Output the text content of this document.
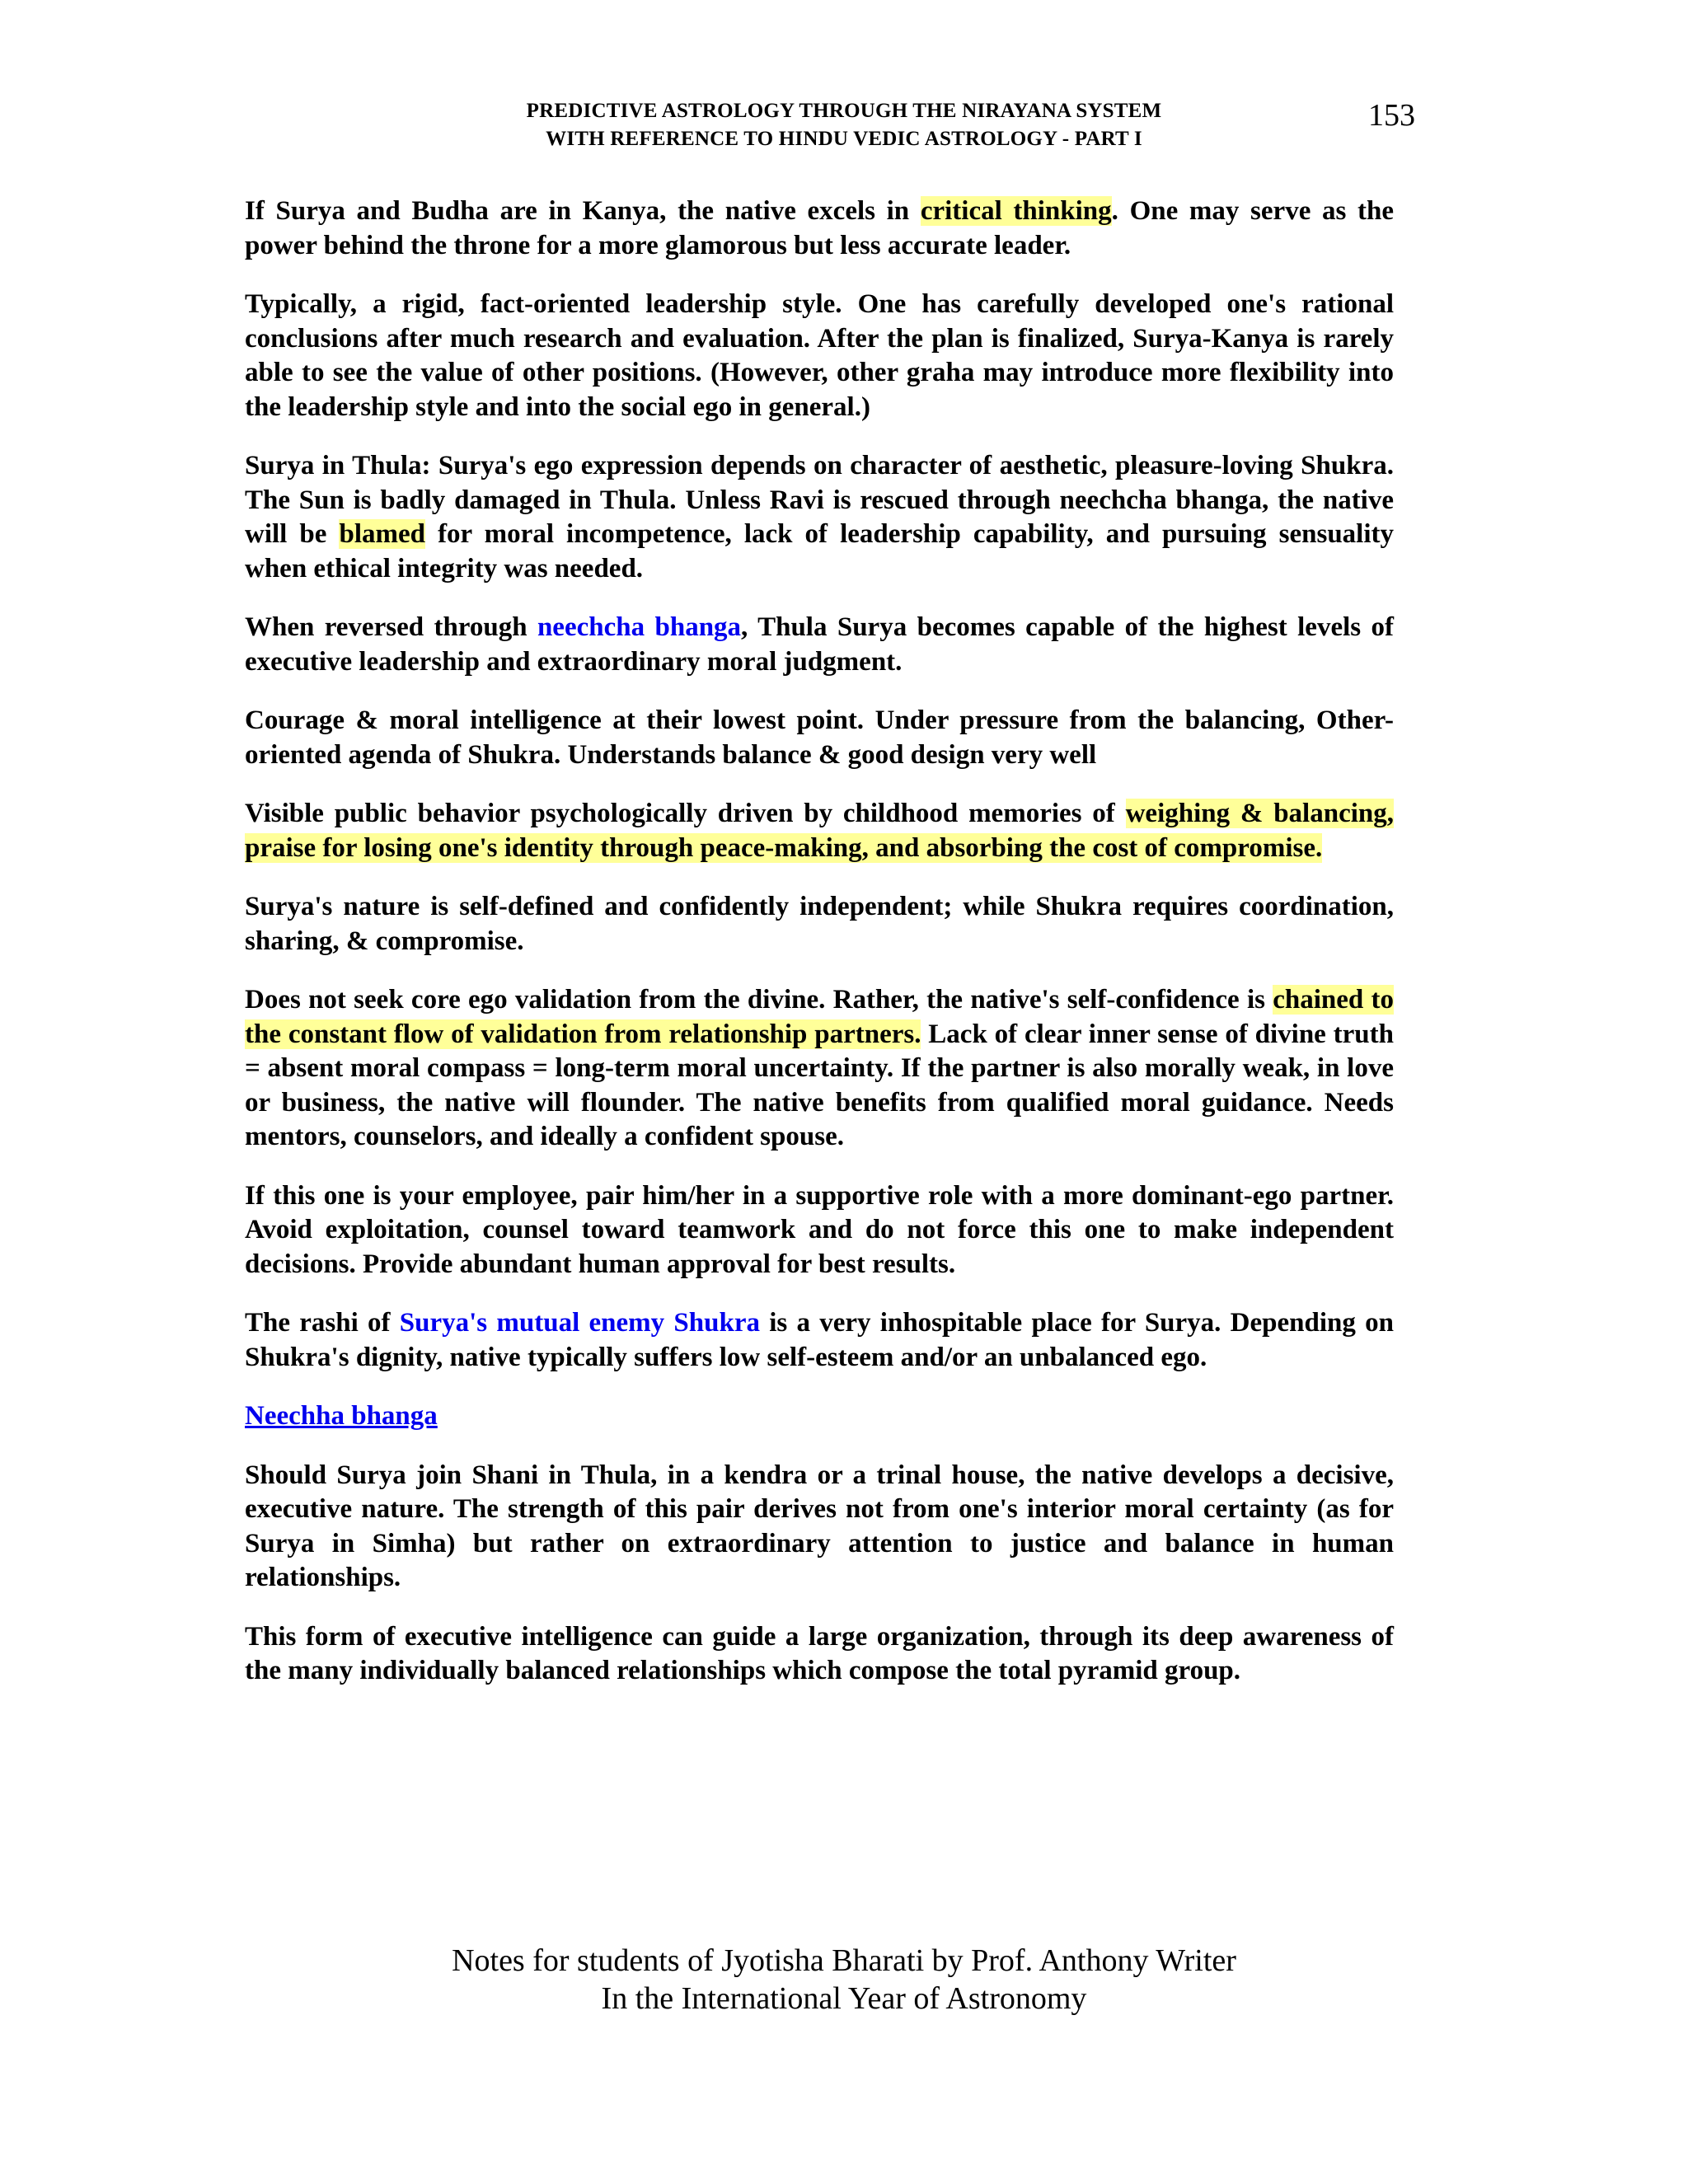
PREDICTIVE ASTROLOGY THROUGH THE NIRAYANA SYSTEM
WITH REFERENCE TO HINDU VEDIC ASTROLOGY - PART I
153

If Surya and Budha are in Kanya, the native excels in critical thinking. One may serve as the power behind the throne for a more glamorous but less accurate leader.

Typically, a rigid, fact-oriented leadership style. One has carefully developed one's rational conclusions after much research and evaluation. After the plan is finalized, Surya-Kanya is rarely able to see the value of other positions. (However, other graha may introduce more flexibility into the leadership style and into the social ego in general.)

Surya in Thula: Surya's ego expression depends on character of aesthetic, pleasure-loving Shukra. The Sun is badly damaged in Thula. Unless Ravi is rescued through neechcha bhanga, the native will be blamed for moral incompetence, lack of leadership capability, and pursuing sensuality when ethical integrity was needed.

When reversed through neechcha bhanga, Thula Surya becomes capable of the highest levels of executive leadership and extraordinary moral judgment.

Courage & moral intelligence at their lowest point. Under pressure from the balancing, Other-oriented agenda of Shukra. Understands balance & good design very well

Visible public behavior psychologically driven by childhood memories of weighing & balancing, praise for losing one's identity through peace-making, and absorbing the cost of compromise.

Surya's nature is self-defined and confidently independent; while Shukra requires coordination, sharing, & compromise.

Does not seek core ego validation from the divine. Rather, the native's self-confidence is chained to the constant flow of validation from relationship partners. Lack of clear inner sense of divine truth = absent moral compass = long-term moral uncertainty. If the partner is also morally weak, in love or business, the native will flounder. The native benefits from qualified moral guidance. Needs mentors, counselors, and ideally a confident spouse.

If this one is your employee, pair him/her in a supportive role with a more dominant-ego partner. Avoid exploitation, counsel toward teamwork and do not force this one to make independent decisions. Provide abundant human approval for best results.

The rashi of Surya's mutual enemy Shukra is a very inhospitable place for Surya. Depending on Shukra's dignity, native typically suffers low self-esteem and/or an unbalanced ego.

Neechha bhanga

Should Surya join Shani in Thula, in a kendra or a trinal house, the native develops a decisive, executive nature. The strength of this pair derives not from one's interior moral certainty (as for Surya in Simha) but rather on extraordinary attention to justice and balance in human relationships.

This form of executive intelligence can guide a large organization, through its deep awareness of the many individually balanced relationships which compose the total pyramid group.

Notes for students of Jyotisha Bharati by Prof. Anthony Writer
In the International Year of Astronomy
